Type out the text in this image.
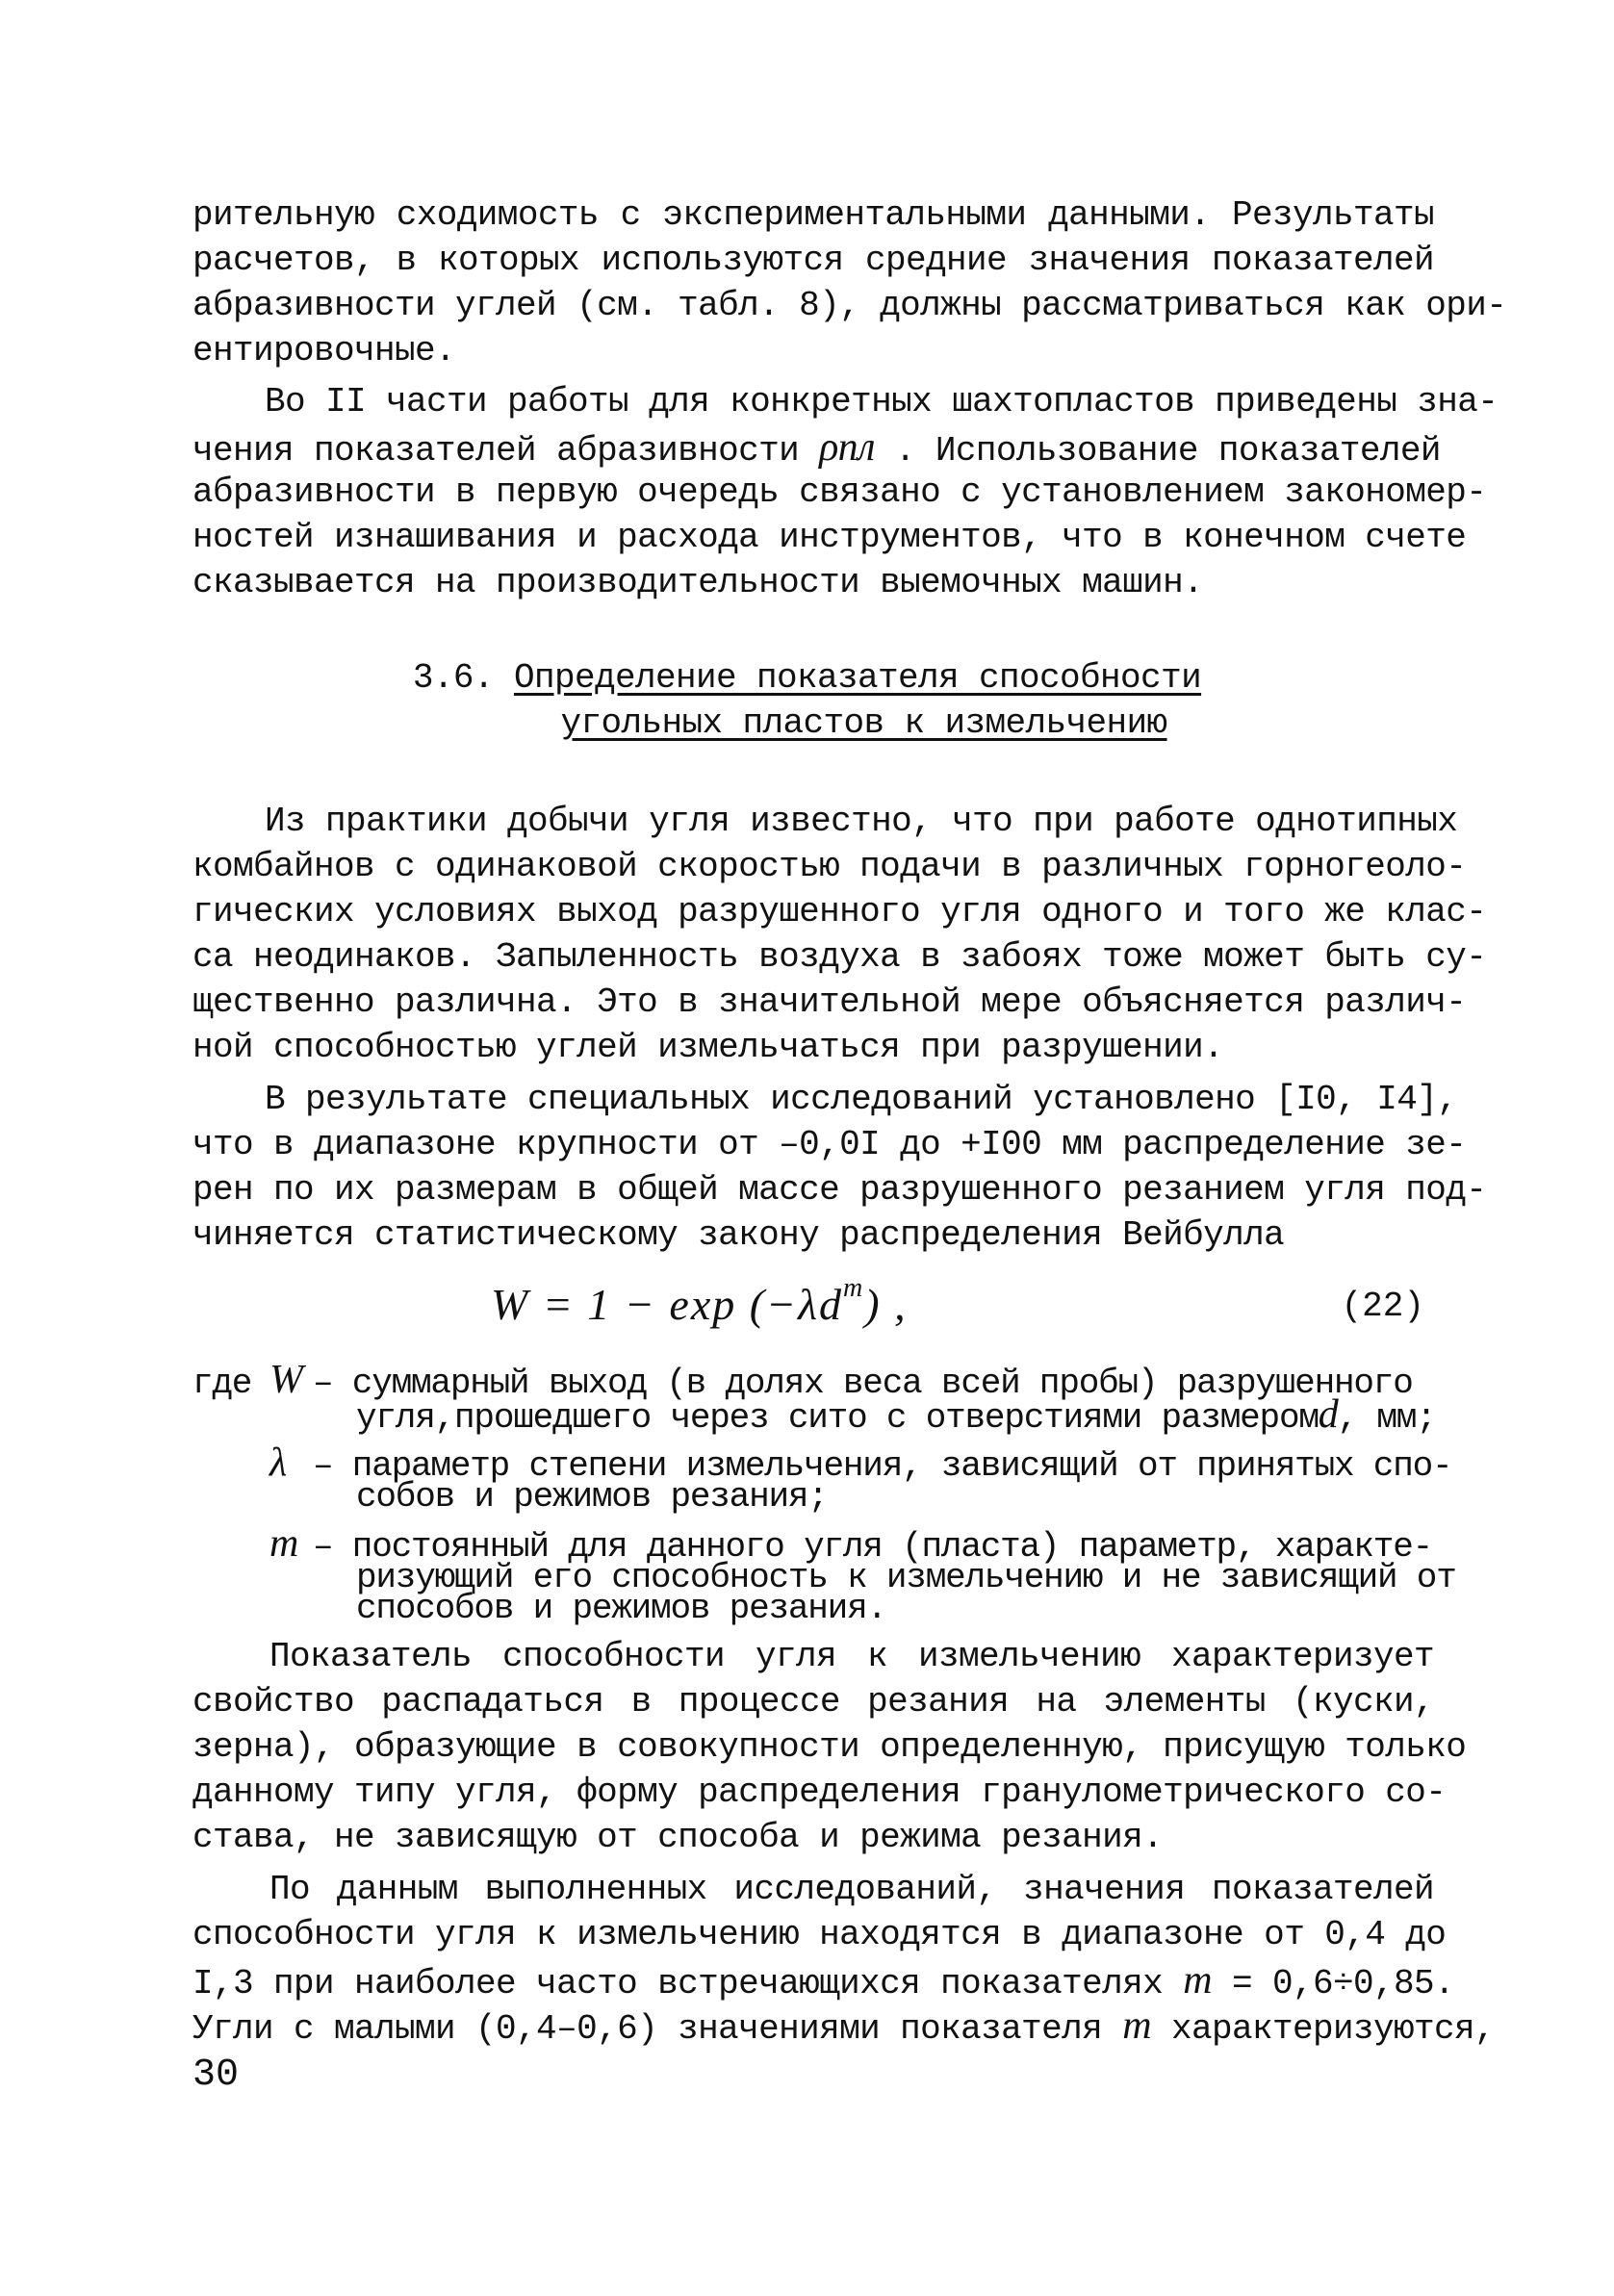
рительную сходимость с экспериментальными данными. Результаты
расчетов, в которых используются средние значения показателей
абразивности углей (см. табл. 8), должны рассматриваться как ори-
ентировочные.
Во II части работы для конкретных шахтопластов приведены зна-
чения показателей абразивности ρпл . Использование показателей
абразивности в первую очередь связано с установлением закономер-
ностей изнашивания и расхода инструментов, что в конечном счете
сказывается на производительности выемочных машин.
3.6. Определение показателя способности
угольных пластов к измельчению
Из практики добычи угля известно, что при работе однотипных
комбайнов с одинаковой скоростью подачи в различных горногеоло-
гических условиях выход разрушенного угля одного и того же клас-
са неодинаков. Запыленность воздуха в забоях тоже может быть су-
щественно различна. Это в значительной мере объясняется различ-
ной способностью углей измельчаться при разрушении.
В результате специальных исследований установлено [I0, I4],
что в диапазоне крупности от –0,0I до +I00 мм распределение зе-
рен по их размерам в общей массе разрушенного резанием угля под-
чиняется статистическому закону распределения Вейбулла
$W = 1 - \exp (-\lambda d^m)$ ,	(22)
где W – суммарный выход (в долях веса всей пробы) разрушенного
угля,прошедшего через сито с отверстиями размеромd, мм;
λ – параметр степени измельчения, зависящий от принятых спо-
собов и режимов резания;
m – постоянный для данного угля (пласта) параметр, характе-
ризующий его способность к измельчению и не зависящий от
способов и режимов резания.
Показатель способности угля к измельчению характеризует
свойство распадаться в процессе резания на элементы (куски,
зерна), образующие в совокупности определенную, присущую только
данному типу угля, форму распределения гранулометрического со-
става, не зависящую от способа и режима резания.
По данным выполненных исследований, значения показателей
способности угля к измельчению находятся в диапазоне от 0,4 до
I,3 при наиболее часто встречающихся показателях m = 0,6÷0,85.
Угли с малыми (0,4–0,6) значениями показателя m характеризуются,
30
